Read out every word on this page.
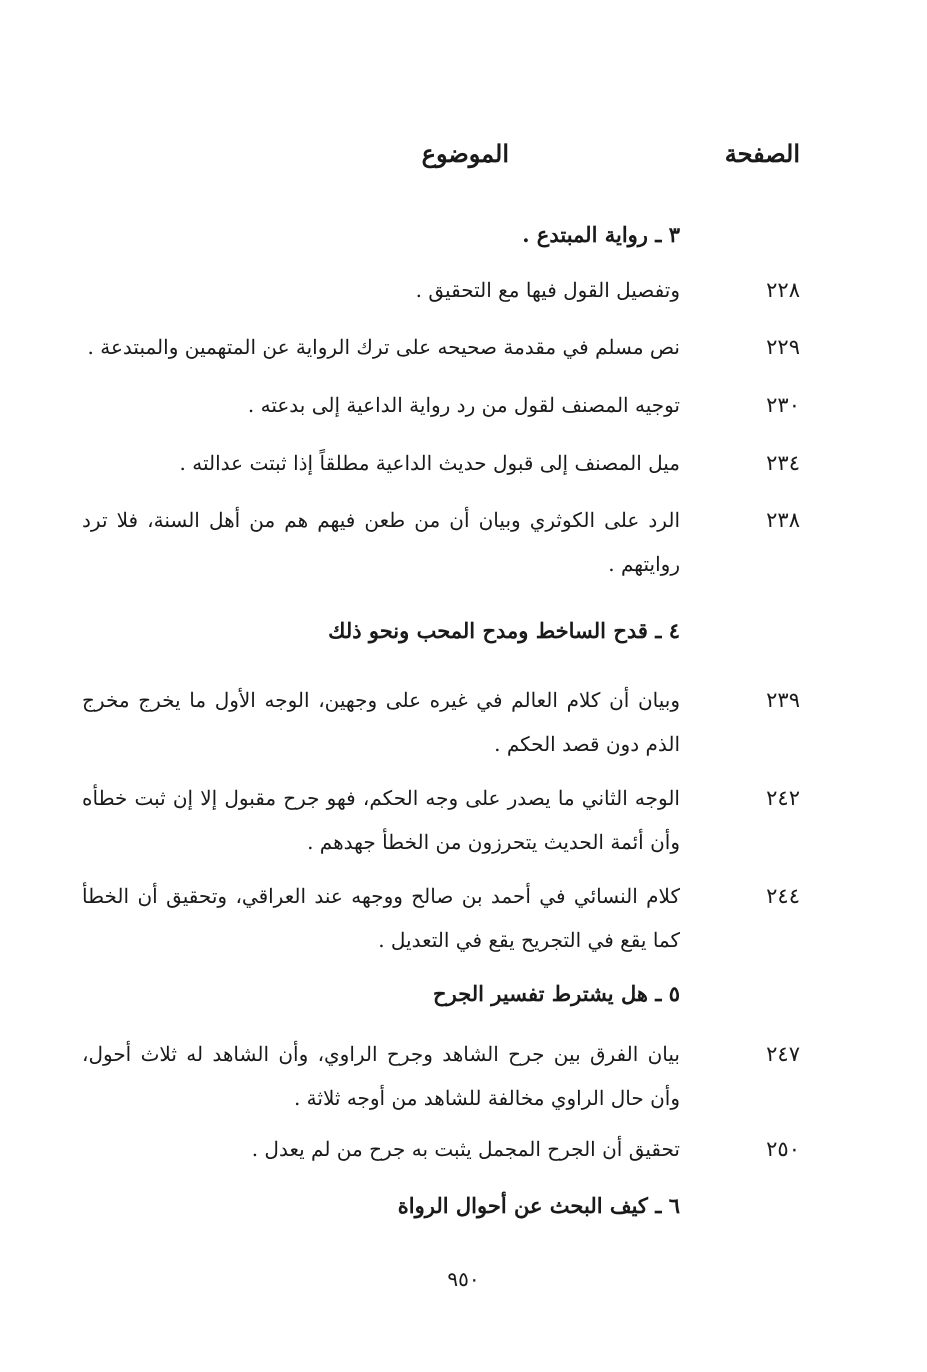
الصفحة
الموضوع
٣ ـ رواية المبتدع .
٢٢٨
وتفصيل القول فيها مع التحقيق .
٢٢٩
نص مسلم في مقدمة صحيحه على ترك الرواية عن المتهمين والمبتدعة .
٢٣٠
توجيه المصنف لقول من رد رواية الداعية إلى بدعته .
٢٣٤
ميل المصنف إلى قبول حديث الداعية مطلقاً إذا ثبتت عدالته .
٢٣٨
الرد على الكوثري وبيان أن من طعن فيهم هم من أهل السنة، فلا ترد روايتهم .
٤ ـ قدح الساخط ومدح المحب ونحو ذلك
٢٣٩
وبيان أن كلام العالم في غيره على وجهين، الوجه الأول ما يخرج مخرج الذم دون قصد الحكم .
٢٤٢
الوجه الثاني ما يصدر على وجه الحكم، فهو جرح مقبول إلا إن ثبت خطأه وأن أئمة الحديث يتحرزون من الخطأ جهدهم .
٢٤٤
كلام النسائي في أحمد بن صالح ووجهه عند العراقي، وتحقيق أن الخطأ كما يقع في التجريح يقع في التعديل .
٥ ـ هل يشترط تفسير الجرح
٢٤٧
بيان الفرق بين جرح الشاهد وجرح الراوي، وأن الشاهد له ثلاث أحول، وأن حال الراوي مخالفة للشاهد من أوجه ثلاثة .
٢٥٠
تحقيق أن الجرح المجمل يثبت به جرح من لم يعدل .
٦ ـ كيف البحث عن أحوال الرواة
٩٥٠
